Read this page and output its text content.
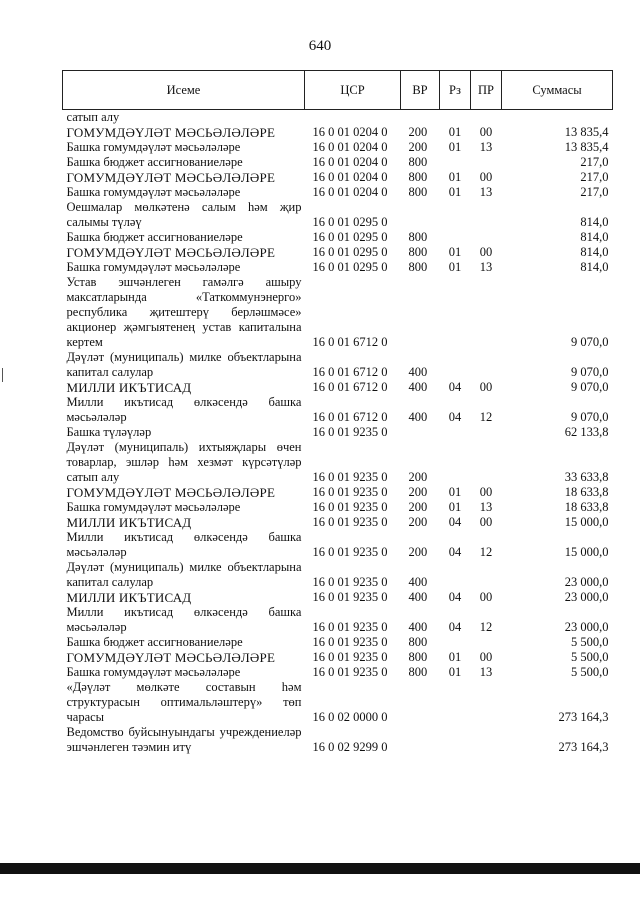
640
Исеме	ЦСР	ВР	Рз	ПР	Суммасы
сатып алу					
ГОМУМДӘҮЛӘТ МӘСЬӘЛӘЛӘРЕ	16 0 01 0204 0	200	01	00	13 835,4
Башка гомумдәүләт мәсьәләләре	16 0 01 0204 0	200	01	13	13 835,4
Башка бюджет ассигнованиеләре	16 0 01 0204 0	800			217,0
ГОМУМДӘҮЛӘТ МӘСЬӘЛӘЛӘРЕ	16 0 01 0204 0	800	01	00	217,0
Башка гомумдәүләт мәсьәләләре	16 0 01 0204 0	800	01	13	217,0
Оешмалар мөлкәтенә салым һәм җир салымы түләү	16 0 01 0295 0				814,0
Башка бюджет ассигнованиеләре	16 0 01 0295 0	800			814,0
ГОМУМДӘҮЛӘТ МӘСЬӘЛӘЛӘРЕ	16 0 01 0295 0	800	01	00	814,0
Башка гомумдәүләт мәсьәләләре	16 0 01 0295 0	800	01	13	814,0
Устав эшчәнлеген гамәлгә ашыру максатларында «Таткоммунэнерго» республика җитештерү берләшмәсе» акционер җәмгыятенең устав капиталына кертем	16 0 01 6712 0				9 070,0
Дәүләт (муниципаль) милке объектларына капитал салулар	16 0 01 6712 0	400			9 070,0
МИЛЛИ ИКЪТИСАД	16 0 01 6712 0	400	04	00	9 070,0
Милли икътисад өлкәсендә башка мәсьәләләр	16 0 01 6712 0	400	04	12	9 070,0
Башка түләүләр	16 0 01 9235 0				62 133,8
Дәүләт (муниципаль) ихтыяҗлары өчен товарлар, эшләр һәм хезмәт күрсәтүләр сатып алу	16 0 01 9235 0	200			33 633,8
ГОМУМДӘҮЛӘТ МӘСЬӘЛӘЛӘРЕ	16 0 01 9235 0	200	01	00	18 633,8
Башка гомумдәүләт мәсьәләләре	16 0 01 9235 0	200	01	13	18 633,8
МИЛЛИ ИКЪТИСАД	16 0 01 9235 0	200	04	00	15 000,0
Милли икътисад өлкәсендә башка мәсьәләләр	16 0 01 9235 0	200	04	12	15 000,0
Дәүләт (муниципаль) милке объектларына капитал салулар	16 0 01 9235 0	400			23 000,0
МИЛЛИ ИКЪТИСАД	16 0 01 9235 0	400	04	00	23 000,0
Милли икътисад өлкәсендә башка мәсьәләләр	16 0 01 9235 0	400	04	12	23 000,0
Башка бюджет ассигнованиеләре	16 0 01 9235 0	800			5 500,0
ГОМУМДӘҮЛӘТ МӘСЬӘЛӘЛӘРЕ	16 0 01 9235 0	800	01	00	5 500,0
Башка гомумдәүләт мәсьәләләре	16 0 01 9235 0	800	01	13	5 500,0
«Дәүләт мөлкәте составын һәм структурасын оптимальләштерү» төп чарасы	16 0 02 0000 0				273 164,3
Ведомство буйсынуындагы учреждениеләр эшчәнлеген тәэмин итү	16 0 02 9299 0				273 164,3
